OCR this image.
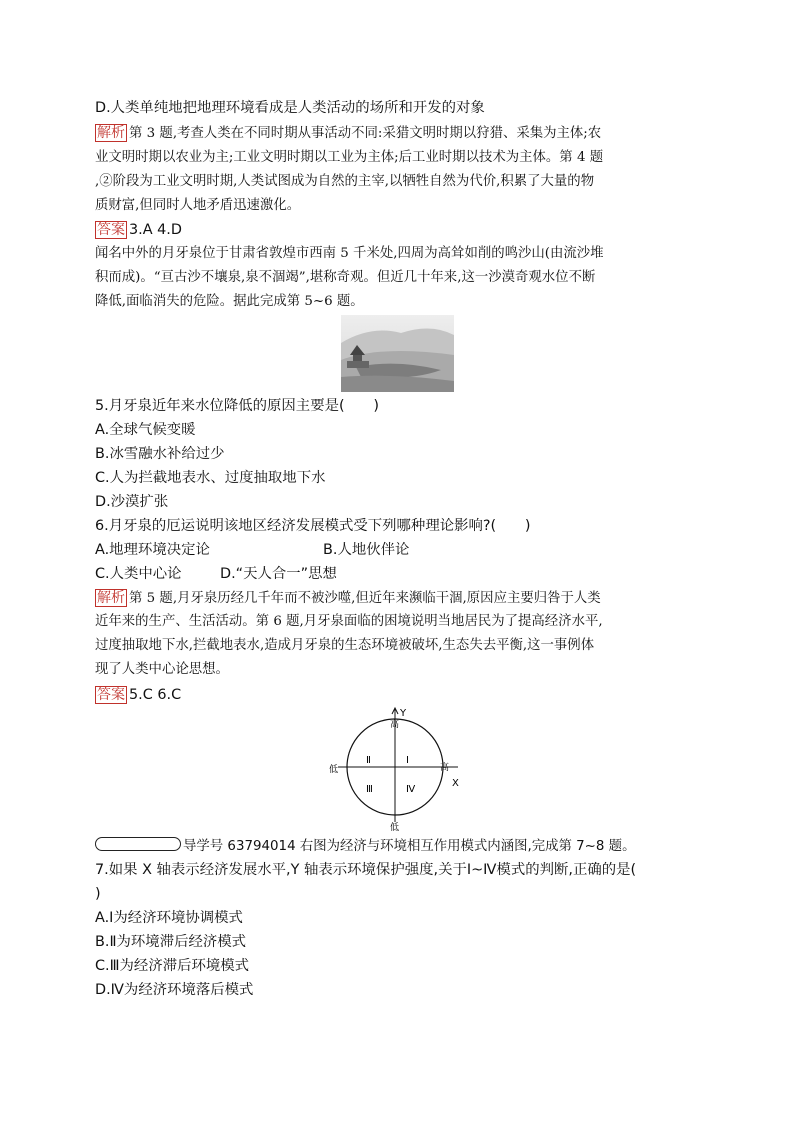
D.人类单纯地把地理环境看成是人类活动的场所和开发的对象
解析 第 3 题,考查人类在不同时期从事活动不同:采猎文明时期以狩猎、采集为主体;农
业文明时期以农业为主;工业文明时期以工业为主体;后工业时期以技术为主体。第 4 题
,②阶段为工业文明时期,人类试图成为自然的主宰,以牺牲自然为代价,积累了大量的物
质财富,但同时人地矛盾迅速激化。
答案 3.A 4.D
闻名中外的月牙泉位于甘肃省敦煌市西南 5 千米处,四周为高耸如削的鸣沙山(由流沙堆
积而成)。“亘古沙不壤泉,泉不涸竭”,堪称奇观。但近几十年来,这一沙漠奇观水位不断
降低,面临消失的危险。据此完成第 5~6 题。
5.月牙泉近年来水位降低的原因主要是(　　)
A.全球气候变暖
B.冰雪融水补给过少
C.人为拦截地表水、过度抽取地下水
D.沙漠扩张
6.月牙泉的厄运说明该地区经济发展模式受下列哪种理论影响?(　　)
A.地理环境决定论	B.人地伙伴论
C.人类中心论	D.“天人合一”思想
解析 第 5 题,月牙泉历经几千年而不被沙噬,但近年来濒临干涸,原因应主要归咎于人类
近年来的生产、生活活动。第 6 题,月牙泉面临的困境说明当地居民为了提高经济水平,
过度抽取地下水,拦截地表水,造成月牙泉的生态环境被破坏,生态失去平衡,这一事例体
现了人类中心论思想。
答案 5.C 6.C
Y
高
低
低	高
X
Ⅰ
Ⅱ
Ⅲ	Ⅳ
导学号 63794014 右图为经济与环境相互作用模式内涵图,完成第 7~8 题。
7.如果 X 轴表示经济发展水平,Y 轴表示环境保护强度,关于Ⅰ~Ⅳ模式的判断,正确的是(
)
A.Ⅰ为经济环境协调模式
B.Ⅱ为环境滞后经济模式
C.Ⅲ为经济滞后环境模式
D.Ⅳ为经济环境落后模式
